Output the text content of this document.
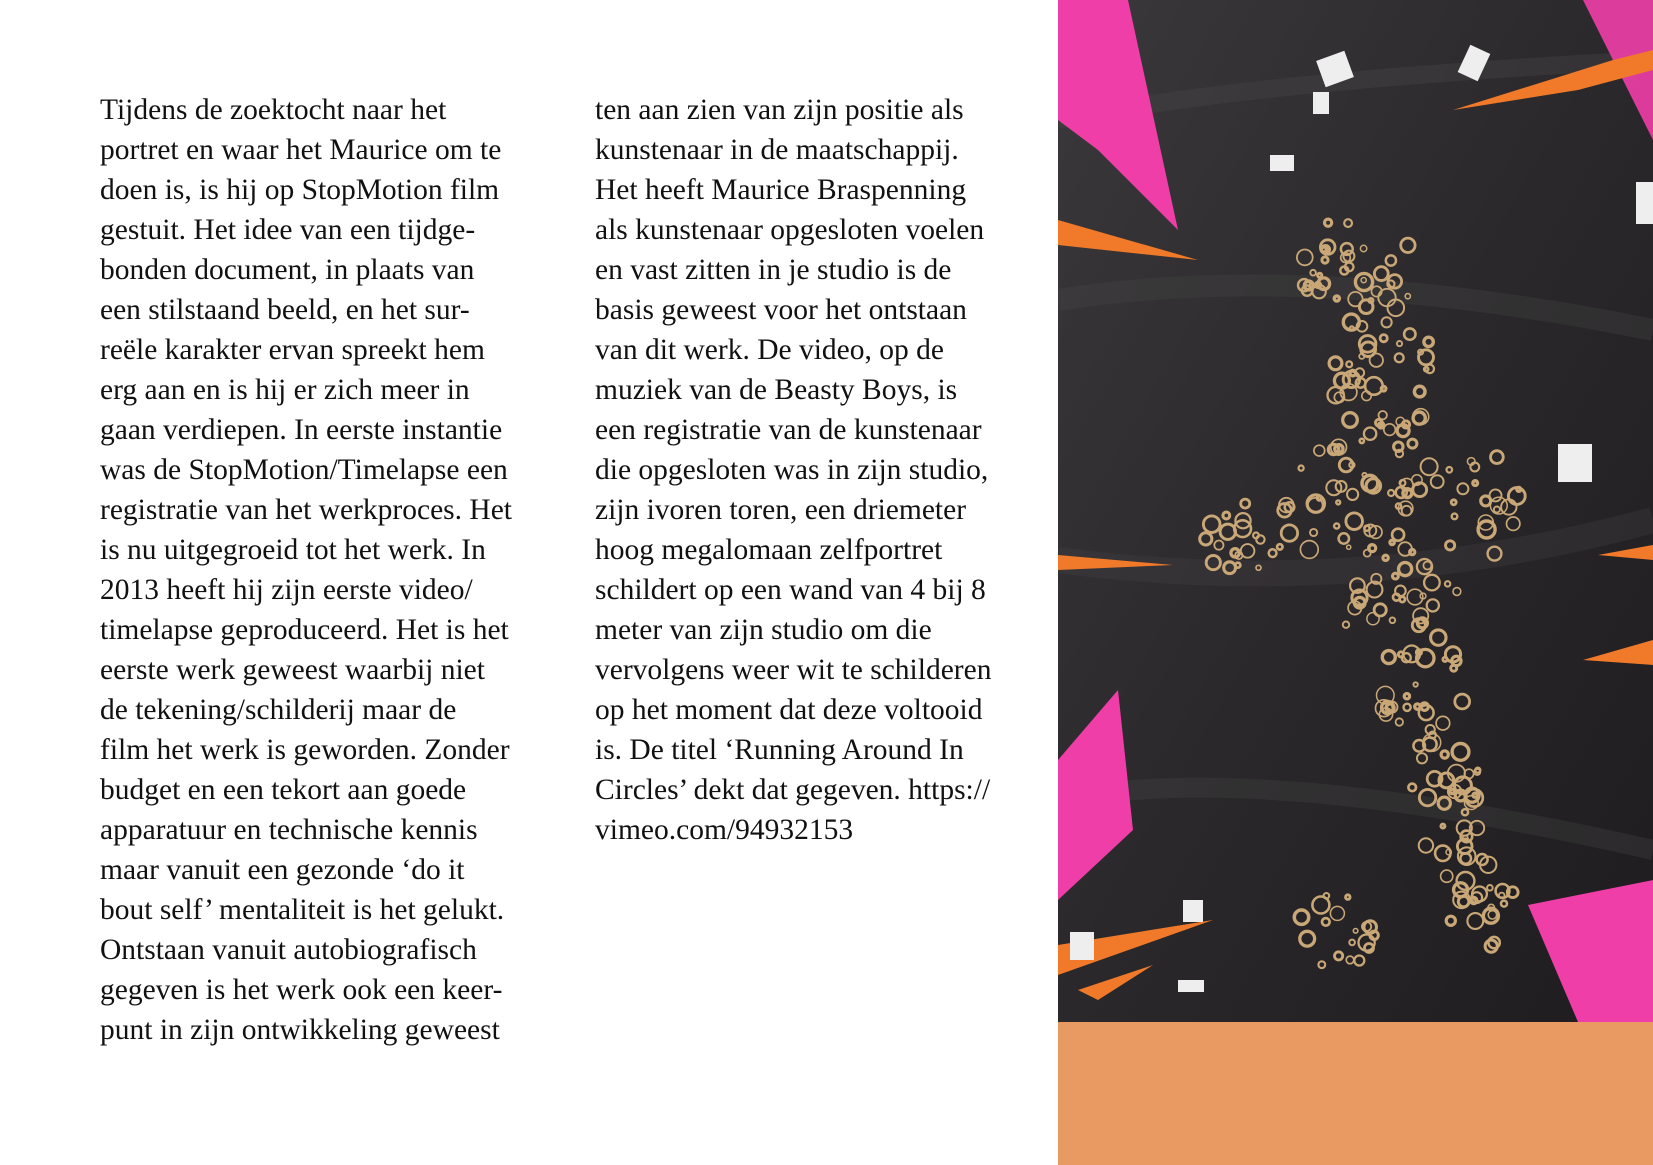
Tijdens de zoektocht naar het
portret en waar het Maurice om te
doen is, is hij op StopMotion film
gestuit. Het idee van een tijdge-
bonden document, in plaats van
een stilstaand beeld, en het sur-
reële karakter ervan spreekt hem
erg aan en is hij er zich meer in
gaan verdiepen. In eerste instantie
was de StopMotion/Timelapse een
registratie van het werkproces. Het
is nu uitgegroeid tot het werk. In
2013 heeft hij zijn eerste video/
timelapse geproduceerd. Het is het
eerste werk geweest waarbij niet
de tekening/schilderij maar de
film het werk is geworden. Zonder
budget en een tekort aan goede
apparatuur en technische kennis
maar vanuit een gezonde ‘do it
bout self’ mentaliteit is het gelukt.
Ontstaan vanuit autobiografisch
gegeven is het werk ook een keer-
punt in zijn ontwikkeling geweest
ten aan zien van zijn positie als
kunstenaar in de maatschappij.
Het heeft Maurice Braspenning
als kunstenaar opgesloten voelen
en vast zitten in je studio is de
basis geweest voor het ontstaan
van dit werk. De video, op de
muziek van de Beasty Boys, is
een registratie van de kunstenaar
die opgesloten was in zijn studio,
zijn ivoren toren, een driemeter
hoog megalomaan zelfportret
schildert op een wand van 4 bij 8
meter van zijn studio om die
vervolgens weer wit te schilderen
op het moment dat deze voltooid
is. De titel ‘Running Around In
Circles’ dekt dat gegeven. https://
vimeo.com/94932153
